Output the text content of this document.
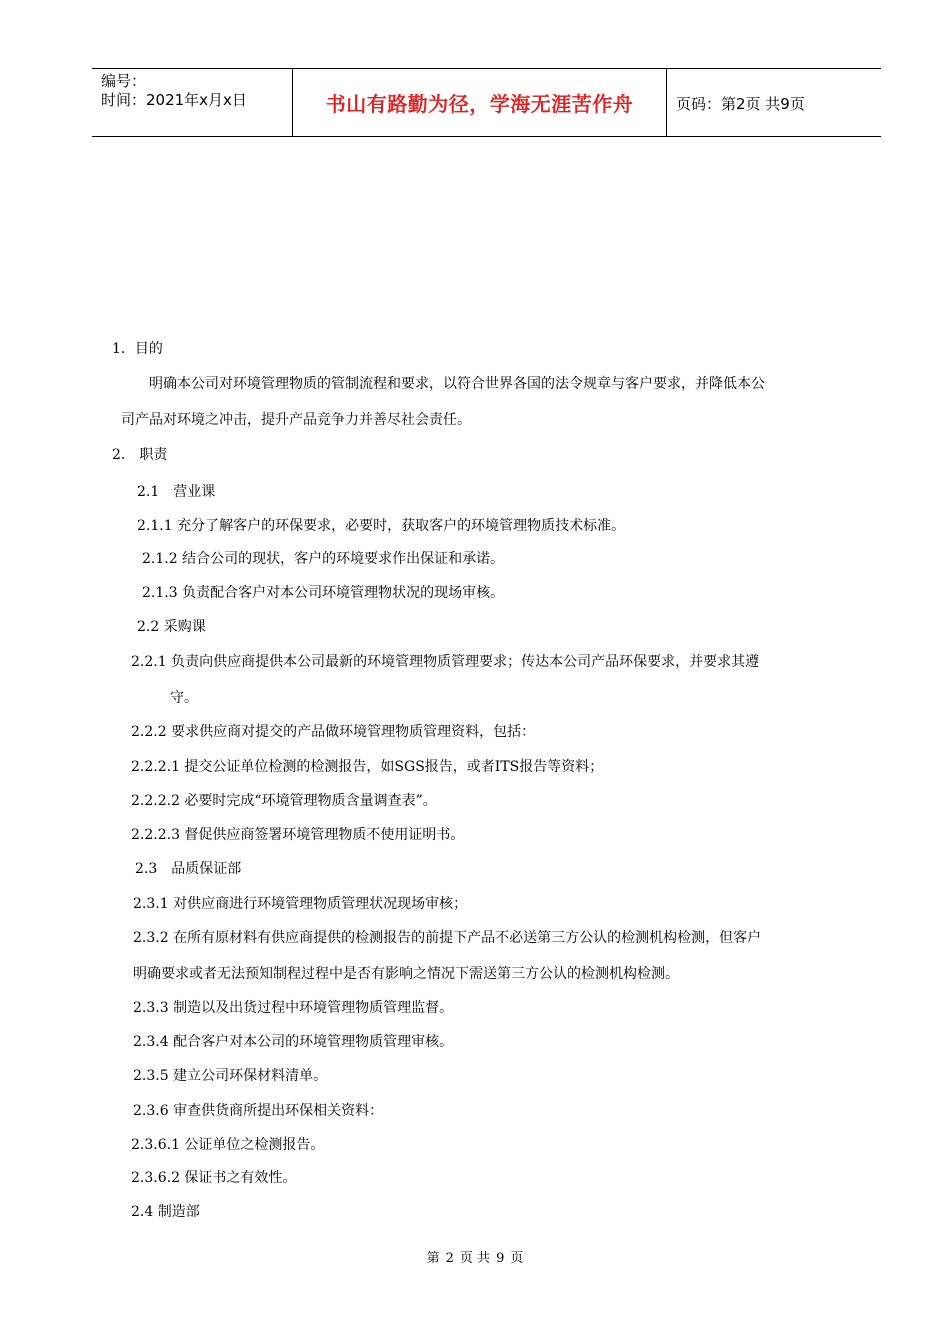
编号：
时间：2021年x月x日	书山有路勤为径，学海无涯苦作舟	页码：第2页 共9页
1．目的
明确本公司对环境管理物质的管制流程和要求，以符合世界各国的法令规章与客户要求，并降低本公
司产品对环境之冲击，提升产品竞争力并善尽社会责任。
2． 职责
2.1　营业课
2.1.1 充分了解客户的环保要求，必要时，获取客户的环境管理物质技术标准。
2.1.2 结合公司的现状，客户的环境要求作出保证和承诺。
2.1.3 负责配合客户对本公司环境管理物状况的现场审核。
2.2 采购课
2.2.1 负责向供应商提供本公司最新的环境管理物质管理要求；传达本公司产品环保要求，并要求其遵
守。
2.2.2 要求供应商对提交的产品做环境管理物质管理资料，包括：
2.2.2.1 提交公证单位检测的检测报告，如SGS报告，或者ITS报告等资料；
2.2.2.2 必要时完成“环境管理物质含量调查表”。
2.2.2.3 督促供应商签署环境管理物质不使用证明书。
2.3　品质保证部
2.3.1 对供应商进行环境管理物质管理状况现场审核；
2.3.2 在所有原材料有供应商提供的检测报告的前提下产品不必送第三方公认的检测机构检测，但客户
明确要求或者无法预知制程过程中是否有影响之情况下需送第三方公认的检测机构检测。
2.3.3 制造以及出货过程中环境管理物质管理监督。
2.3.4 配合客户对本公司的环境管理物质管理审核。
2.3.5 建立公司环保材料清单。
2.3.6 审查供货商所提出环保相关资料：
2.3.6.1 公证单位之检测报告。
2.3.6.2 保证书之有效性。
2.4 制造部
第 2 页 共 9 页
